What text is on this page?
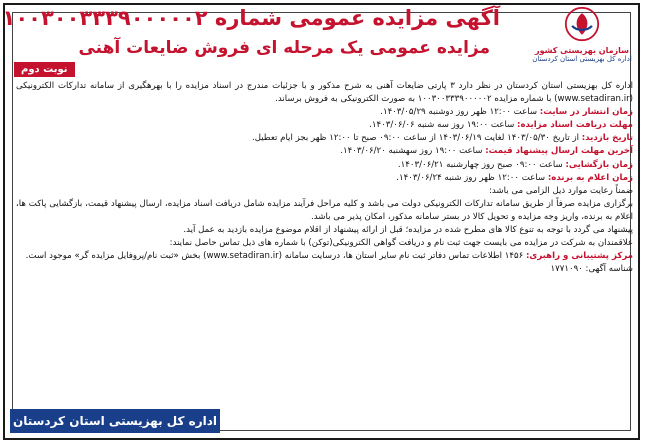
سازمان بهزیستی کشور
اداره کل بهزیستی استان کردستان
آگهی مزایده عمومی شماره ۱۰۰۳۰۰۳۳۳۹۰۰۰۰۰۲
مزایده عمومی یک مرحله ای فروش ضایعات آهنی
نوبت دوم

اداره کل بهزیستی استان کردستان در نظر دارد ۳ پارتی ضایعات آهنی به شرح مذکور و با جزئیات مندرج در اسناد مزایده را با بهرهگیری از سامانه تدارکات الکترونیکی (www.setadiran.ir) با شماره مزایده ۱۰۰۳۰۰۳۳۳۹۰۰۰۰۰۲ به صورت الکترونیکی به فروش برساند.

زمان انتشار در سایت: ساعت ۱۲:۰۰ ظهر روز دوشنبه ۱۴۰۳/۰۵/۲۹.

مهلت دریافت اسناد مزایده: ساعت ۱۹:۰۰ روز سه شنبه ۱۴۰۳/۰۶/۰۶.

تاریخ بازدید: از تاریخ ۱۴۰۳/۰۵/۳۰ لغایت ۱۴۰۳/۰۶/۱۹ از ساعت ۰۹:۰۰ صبح تا ۱۲:۰۰ ظهر بجز ایام تعطیل.

آخرین مهلت ارسال پیشنهاد قیمت: ساعت ۱۹:۰۰ روز سهشنبه ۱۴۰۳/۰۶/۲۰.

زمان بازگشایی: ساعت ۰۹:۰۰ صبح روز چهارشنبه ۱۴۰۳/۰۶/۲۱.

زمان اعلام به برنده: ساعت ۱۲:۰۰ ظهر روز شنبه ۱۴۰۳/۰۶/۲۴.

ضمناً رعایت موارد ذیل الزامی می باشد:

برگزاری مزایده صرفاً از طریق سامانه تدارکات الکترونیکی دولت می باشد و کلیه مراحل فرآیند مزایده شامل دریافت اسناد مزایده، ارسال پیشنهاد قیمت، بازگشایی پاکت ها، اعلام به برنده، واریز وجه مزایده و تحویل کالا در بستر سامانه مذکور، امکان پذیر می باشد.

پیشنهاد می گردد با توجه به تنوع کالا های مطرح شده در مزایده؛ قبل از ارائه پیشنهاد از اقلام موضوع مزایده بازدید به عمل آید.

علاقمندان به شرکت در مزایده می بایست جهت ثبت نام و دریافت گواهی الکترونیکی(توکن) با شماره های ذیل تماس حاصل نمایند:

مرکز پشتیبانی و راهبری: ۱۴۵۶ اطلاعات تماس دفاتر ثبت نام سایر استان ها، درسایت سامانه (www.setadiran.ir) بخش «ثبت نام/پروفایل مزایده گر» موجود است.

شناسه آگهی: ۱۷۷۱۰۹۰

اداره کل بهزیستی استان کردستان
